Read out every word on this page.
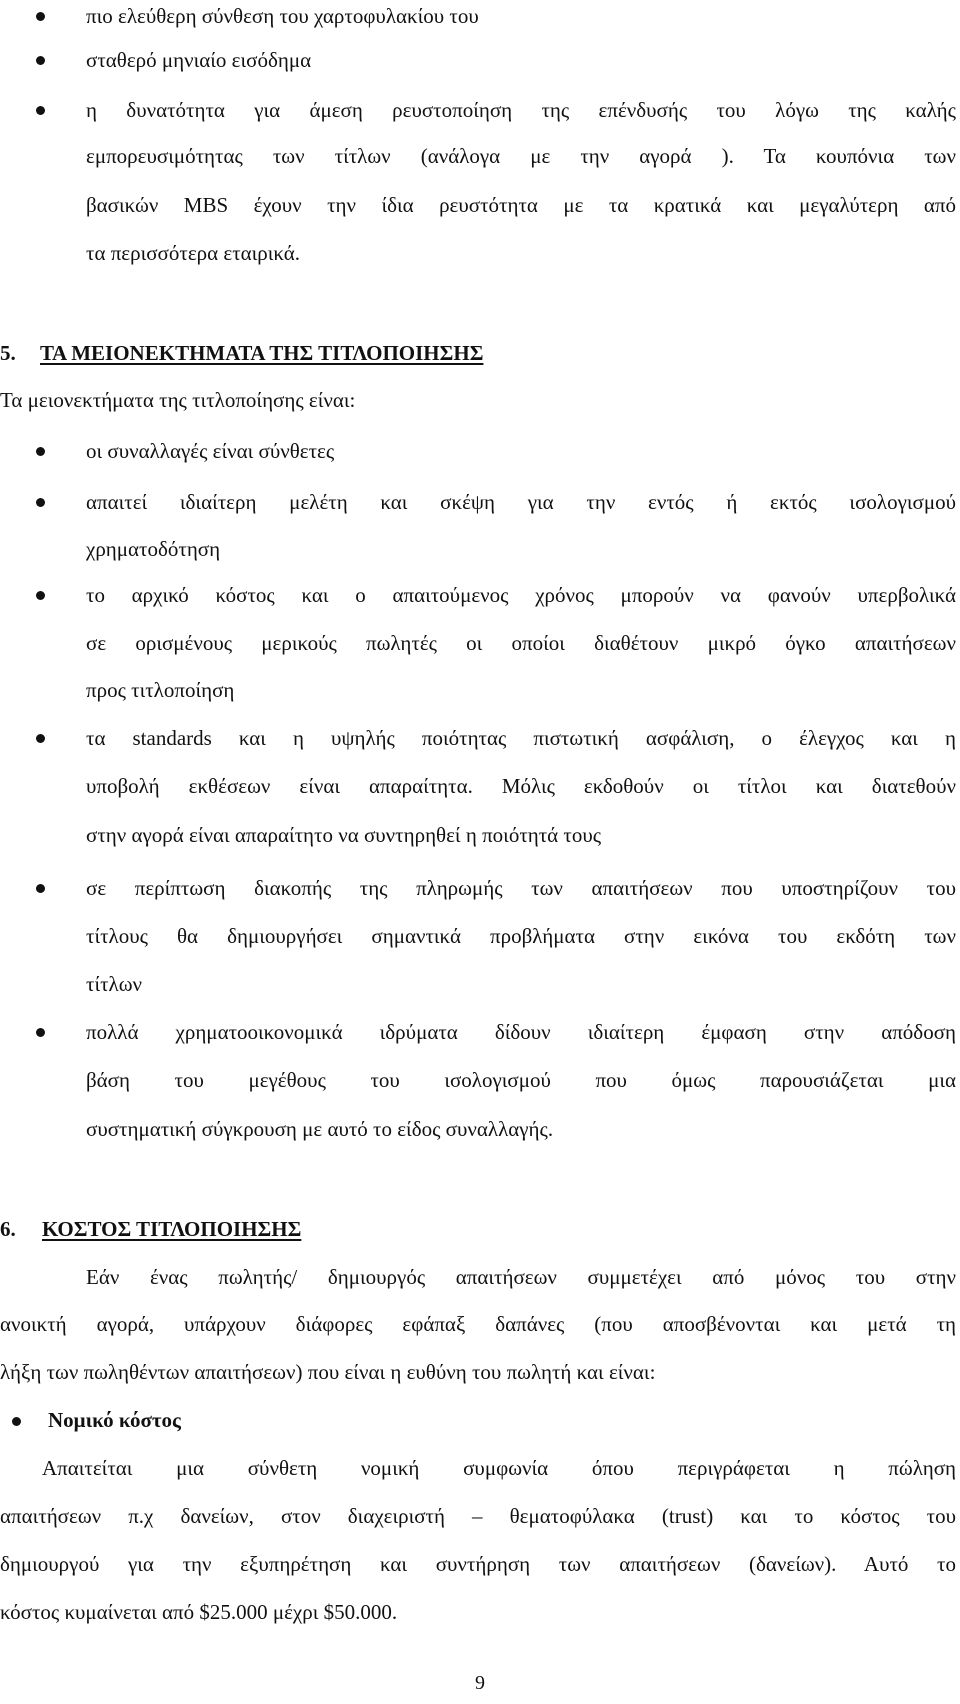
πιο ελεύθερη σύνθεση του χαρτοφυλακίου του
σταθερό μηνιαίο εισόδημα
η δυνατότητα για άμεση ρευστοποίηση της επένδυσής του λόγω της καλής
εμπορευσιμότητας των τίτλων (ανάλογα με την αγορά ). Τα κουπόνια των
βασικών MBS έχουν την ίδια ρευστότητα με τα κρατικά και μεγαλύτερη από
τα περισσότερα εταιρικά.
5. ΤΑ ΜΕΙΟΝΕΚΤΗΜΑΤΑ ΤΗΣ ΤΙΤΛΟΠΟΙΗΣΗΣ
Τα μειονεκτήματα της τιτλοποίησης είναι:
οι συναλλαγές είναι σύνθετες
απαιτεί ιδιαίτερη μελέτη και σκέψη για την εντός ή εκτός ισολογισμού
χρηματοδότηση
το αρχικό κόστος και ο απαιτούμενος χρόνος μπορούν να φανούν υπερβολικά
σε ορισμένους μερικούς πωλητές οι οποίοι διαθέτουν μικρό όγκο απαιτήσεων
προς τιτλοποίηση
τα standards και η υψηλής ποιότητας πιστωτική ασφάλιση, ο έλεγχος και η
υποβολή εκθέσεων είναι απαραίτητα. Μόλις εκδοθούν οι τίτλοι και διατεθούν
στην αγορά είναι απαραίτητο να συντηρηθεί η ποιότητά τους
σε περίπτωση διακοπής της πληρωμής των απαιτήσεων που υποστηρίζουν του
τίτλους θα δημιουργήσει σημαντικά προβλήματα στην εικόνα του εκδότη των
τίτλων
πολλά χρηματοοικονομικά ιδρύματα δίδουν ιδιαίτερη έμφαση στην απόδοση
βάση του μεγέθους του ισολογισμού που όμως παρουσιάζεται μια
συστηματική σύγκρουση με αυτό το είδος συναλλαγής.
6. ΚΟΣΤΟΣ ΤΙΤΛΟΠΟΙΗΣΗΣ
Εάν ένας πωλητής/ δημιουργός απαιτήσεων συμμετέχει από μόνος του στην
ανοικτή αγορά, υπάρχουν διάφορες εφάπαξ δαπάνες (που αποσβένονται και μετά τη
λήξη των πωληθέντων απαιτήσεων) που είναι η ευθύνη του πωλητή και είναι:
Νομικό κόστος
Απαιτείται μια σύνθετη νομική συμφωνία όπου περιγράφεται η πώληση
απαιτήσεων π.χ δανείων, στον διαχειριστή – θεματοφύλακα (trust) και το κόστος του
δημιουργού για την εξυπηρέτηση και συντήρηση των απαιτήσεων (δανείων). Αυτό το
κόστος κυμαίνεται από $25.000 μέχρι $50.000.
9
